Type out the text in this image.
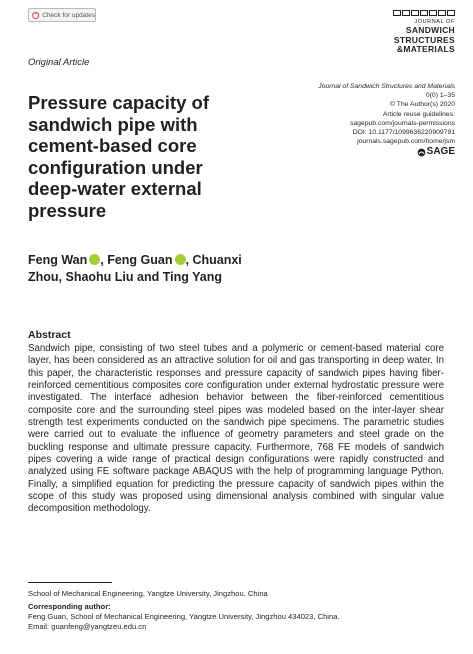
Check for updates
JOURNAL OF
SANDWICH
STRUCTURES
&MATERIALS
Original Article
Pressure capacity of sandwich pipe with cement-based core configuration under deep-water external pressure
Journal of Sandwich Structures and Materials
0(0) 1–35
© The Author(s) 2020
Article reuse guidelines:
sagepub.com/journals-permissions
DOI: 10.1177/1099636220909791
journals.sagepub.com/home/jsm
SAGE
Feng Wan , Feng Guan , Chuanxi Zhou, Shaohu Liu and Ting Yang
Abstract
Sandwich pipe, consisting of two steel tubes and a polymeric or cement-based material core layer, has been considered as an attractive solution for oil and gas transporting in deep water. In this paper, the characteristic responses and pressure capacity of sandwich pipes having fiber-reinforced cementitious composites core configuration under external hydrostatic pressure were investigated. The interface adhesion behavior between the fiber-reinforced cementitious composite core and the surrounding steel pipes was modeled based on the inter-layer shear strength test experiments conducted on the sandwich pipe specimens. The parametric studies were carried out to evaluate the influence of geometry parameters and steel grade on the buckling response and ultimate pressure capacity. Furthermore, 768 FE models of sandwich pipes covering a wide range of practical design configurations were rapidly constructed and analyzed using FE software package ABAQUS with the help of programming language Python. Finally, a simplified equation for predicting the pressure capacity of sandwich pipes within the scope of this study was proposed using dimensional analysis combined with singular value decomposition methodology.
School of Mechanical Engineering, Yangtze University, Jingzhou, China
Corresponding author:
Feng Guan, School of Mechanical Engineering, Yangtze University, Jingzhou 434023, China.
Email: guanfeng@yangtzeu.edu.cn
